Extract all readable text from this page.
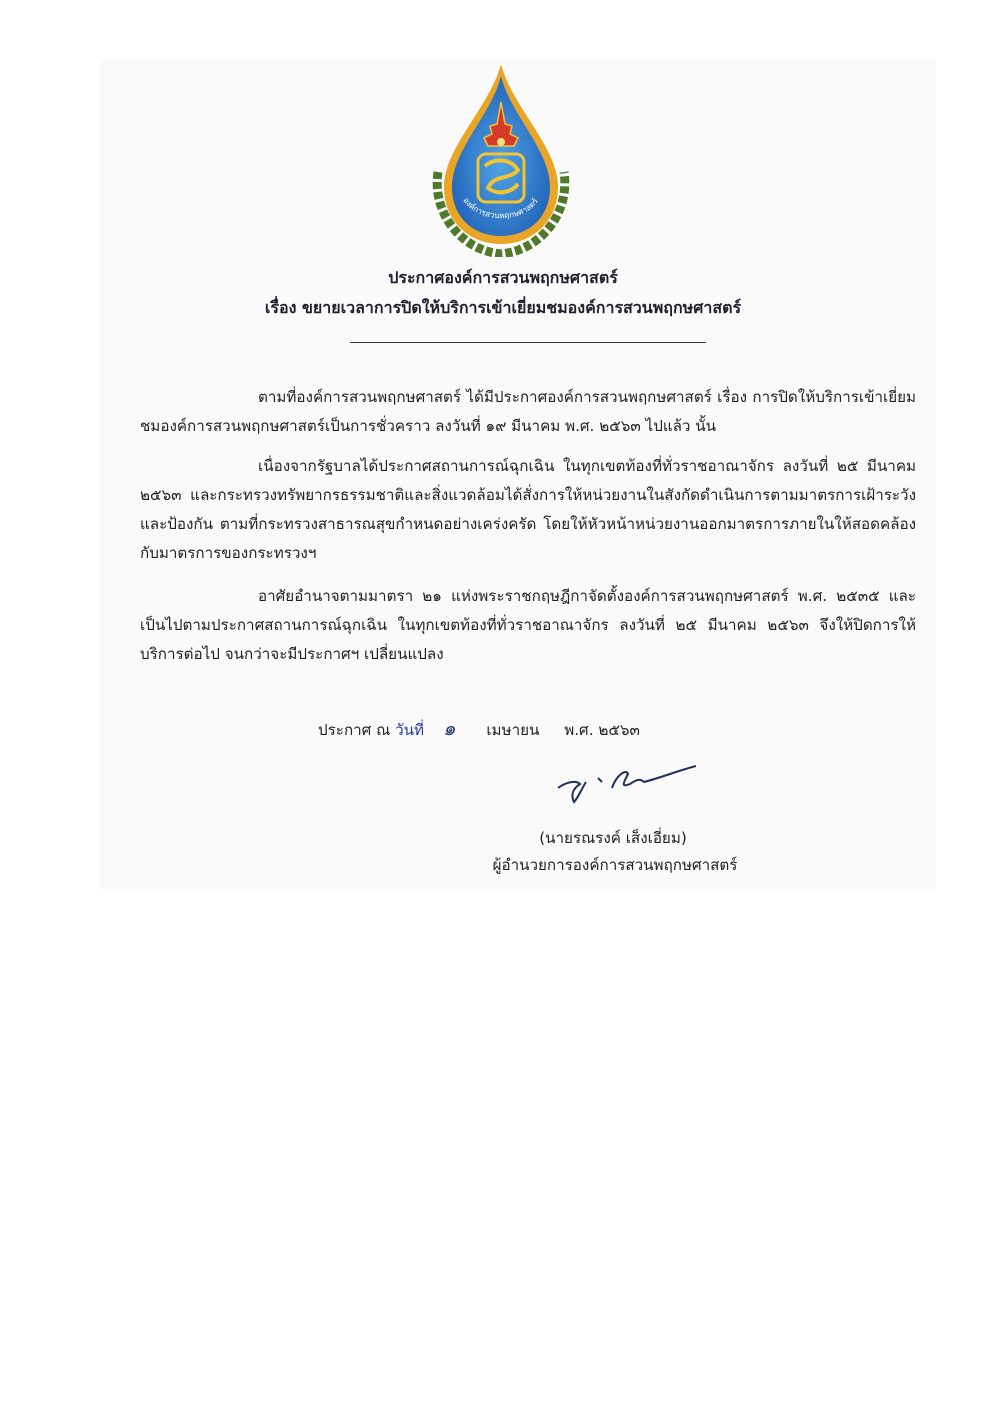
องค์การสวนพฤกษศาสตร์
ประกาศองค์การสวนพฤกษศาสตร์
เรื่อง ขยายเวลาการปิดให้บริการเข้าเยี่ยมชมองค์การสวนพฤกษศาสตร์

ตามที่องค์การสวนพฤกษศาสตร์ ได้มีประกาศองค์การสวนพฤกษศาสตร์ เรื่อง การปิดให้บริการเข้าเยี่ยมชมองค์การสวนพฤกษศาสตร์เป็นการชั่วคราว ลงวันที่ ๑๙ มีนาคม พ.ศ. ๒๕๖๓ ไปแล้ว นั้น

เนื่องจากรัฐบาลได้ประกาศสถานการณ์ฉุกเฉิน ในทุกเขตท้องที่ทั่วราชอาณาจักร ลงวันที่ ๒๕ มีนาคม ๒๕๖๓ และกระทรวงทรัพยากรธรรมชาติและสิ่งแวดล้อมได้สั่งการให้หน่วยงานในสังกัดดำเนินการตามมาตรการเฝ้าระวังและป้องกัน ตามที่กระทรวงสาธารณสุขกำหนดอย่างเคร่งครัด โดยให้หัวหน้าหน่วยงานออกมาตรการภายในให้สอดคล้องกับมาตรการของกระทรวงฯ

อาศัยอำนาจตามมาตรา ๒๑ แห่งพระราชกฤษฎีกาจัดตั้งองค์การสวนพฤกษศาสตร์ พ.ศ. ๒๕๓๕ และเป็นไปตามประกาศสถานการณ์ฉุกเฉิน ในทุกเขตท้องที่ทั่วราชอาณาจักร ลงวันที่ ๒๕ มีนาคม ๒๕๖๓ จึงให้ปิดการให้บริการต่อไป จนกว่าจะมีประกาศฯ เปลี่ยนแปลง

ประกาศ ณ วันที่ ๑ เมษายน พ.ศ. ๒๕๖๓
(นายรณรงค์ เส็งเอี่ยม)
ผู้อำนวยการองค์การสวนพฤกษศาสตร์
